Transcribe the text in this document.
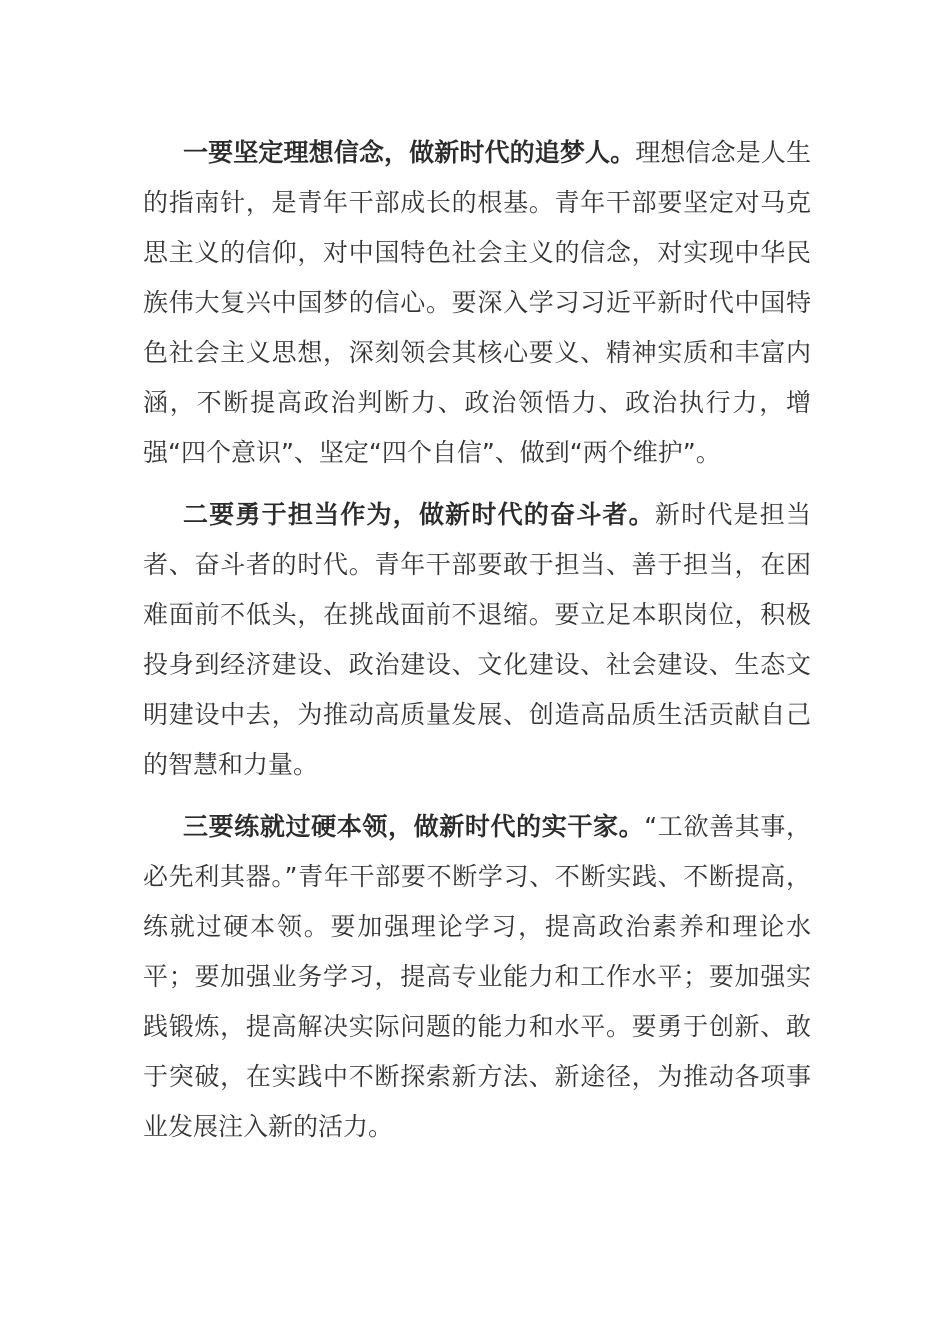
一要坚定理想信念，做新时代的追梦人。理想信念是人生的指南针，是青年干部成长的根基。青年干部要坚定对马克思主义的信仰，对中国特色社会主义的信念，对实现中华民族伟大复兴中国梦的信心。要深入学习习近平新时代中国特色社会主义思想，深刻领会其核心要义、精神实质和丰富内涵，不断提高政治判断力、政治领悟力、政治执行力，增强“四个意识”、坚定“四个自信”、做到“两个维护”。

二要勇于担当作为，做新时代的奋斗者。新时代是担当者、奋斗者的时代。青年干部要敢于担当、善于担当，在困难面前不低头，在挑战面前不退缩。要立足本职岗位，积极投身到经济建设、政治建设、文化建设、社会建设、生态文明建设中去，为推动高质量发展、创造高品质生活贡献自己的智慧和力量。

三要练就过硬本领，做新时代的实干家。“工欲善其事，必先利其器。”青年干部要不断学习、不断实践、不断提高，练就过硬本领。要加强理论学习，提高政治素养和理论水平；要加强业务学习，提高专业能力和工作水平；要加强实践锻炼，提高解决实际问题的能力和水平。要勇于创新、敢于突破，在实践中不断探索新方法、新途径，为推动各项事业发展注入新的活力。
